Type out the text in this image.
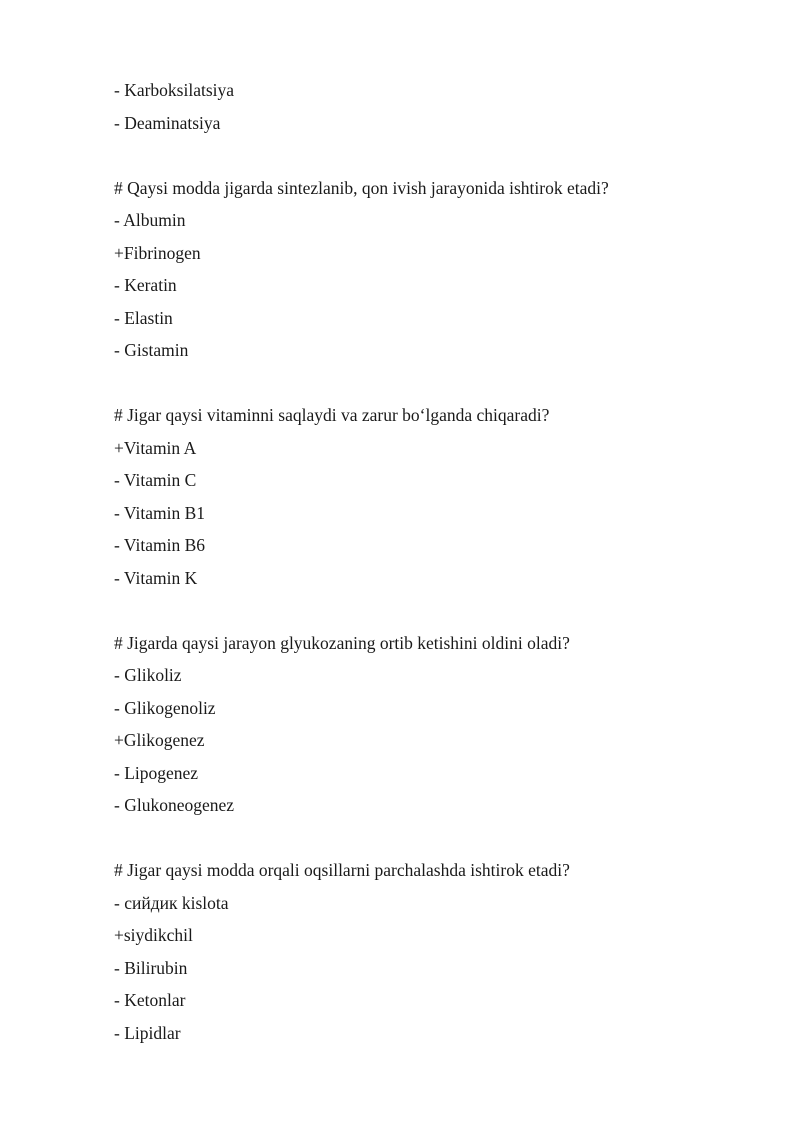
- Karboksilatsiya
- Deaminatsiya
# Qaysi modda jigarda sintezlanib, qon ivish jarayonida ishtirok etadi?
- Albumin
+Fibrinogen
- Keratin
- Elastin
- Gistamin
# Jigar qaysi vitaminni saqlaydi va zarur bo‘lganda chiqaradi?
+Vitamin A
- Vitamin C
- Vitamin B1
- Vitamin B6
- Vitamin K
# Jigarda qaysi jarayon glyukozaning ortib ketishini oldini oladi?
- Glikoliz
- Glikogenoliz
+Glikogenez
- Lipogenez
- Glukoneogenez
# Jigar qaysi modda orqali oqsillarni parchalashda ishtirok etadi?
- сийдик kislota
+siydikchil
- Bilirubin
- Ketonlar
- Lipidlar
